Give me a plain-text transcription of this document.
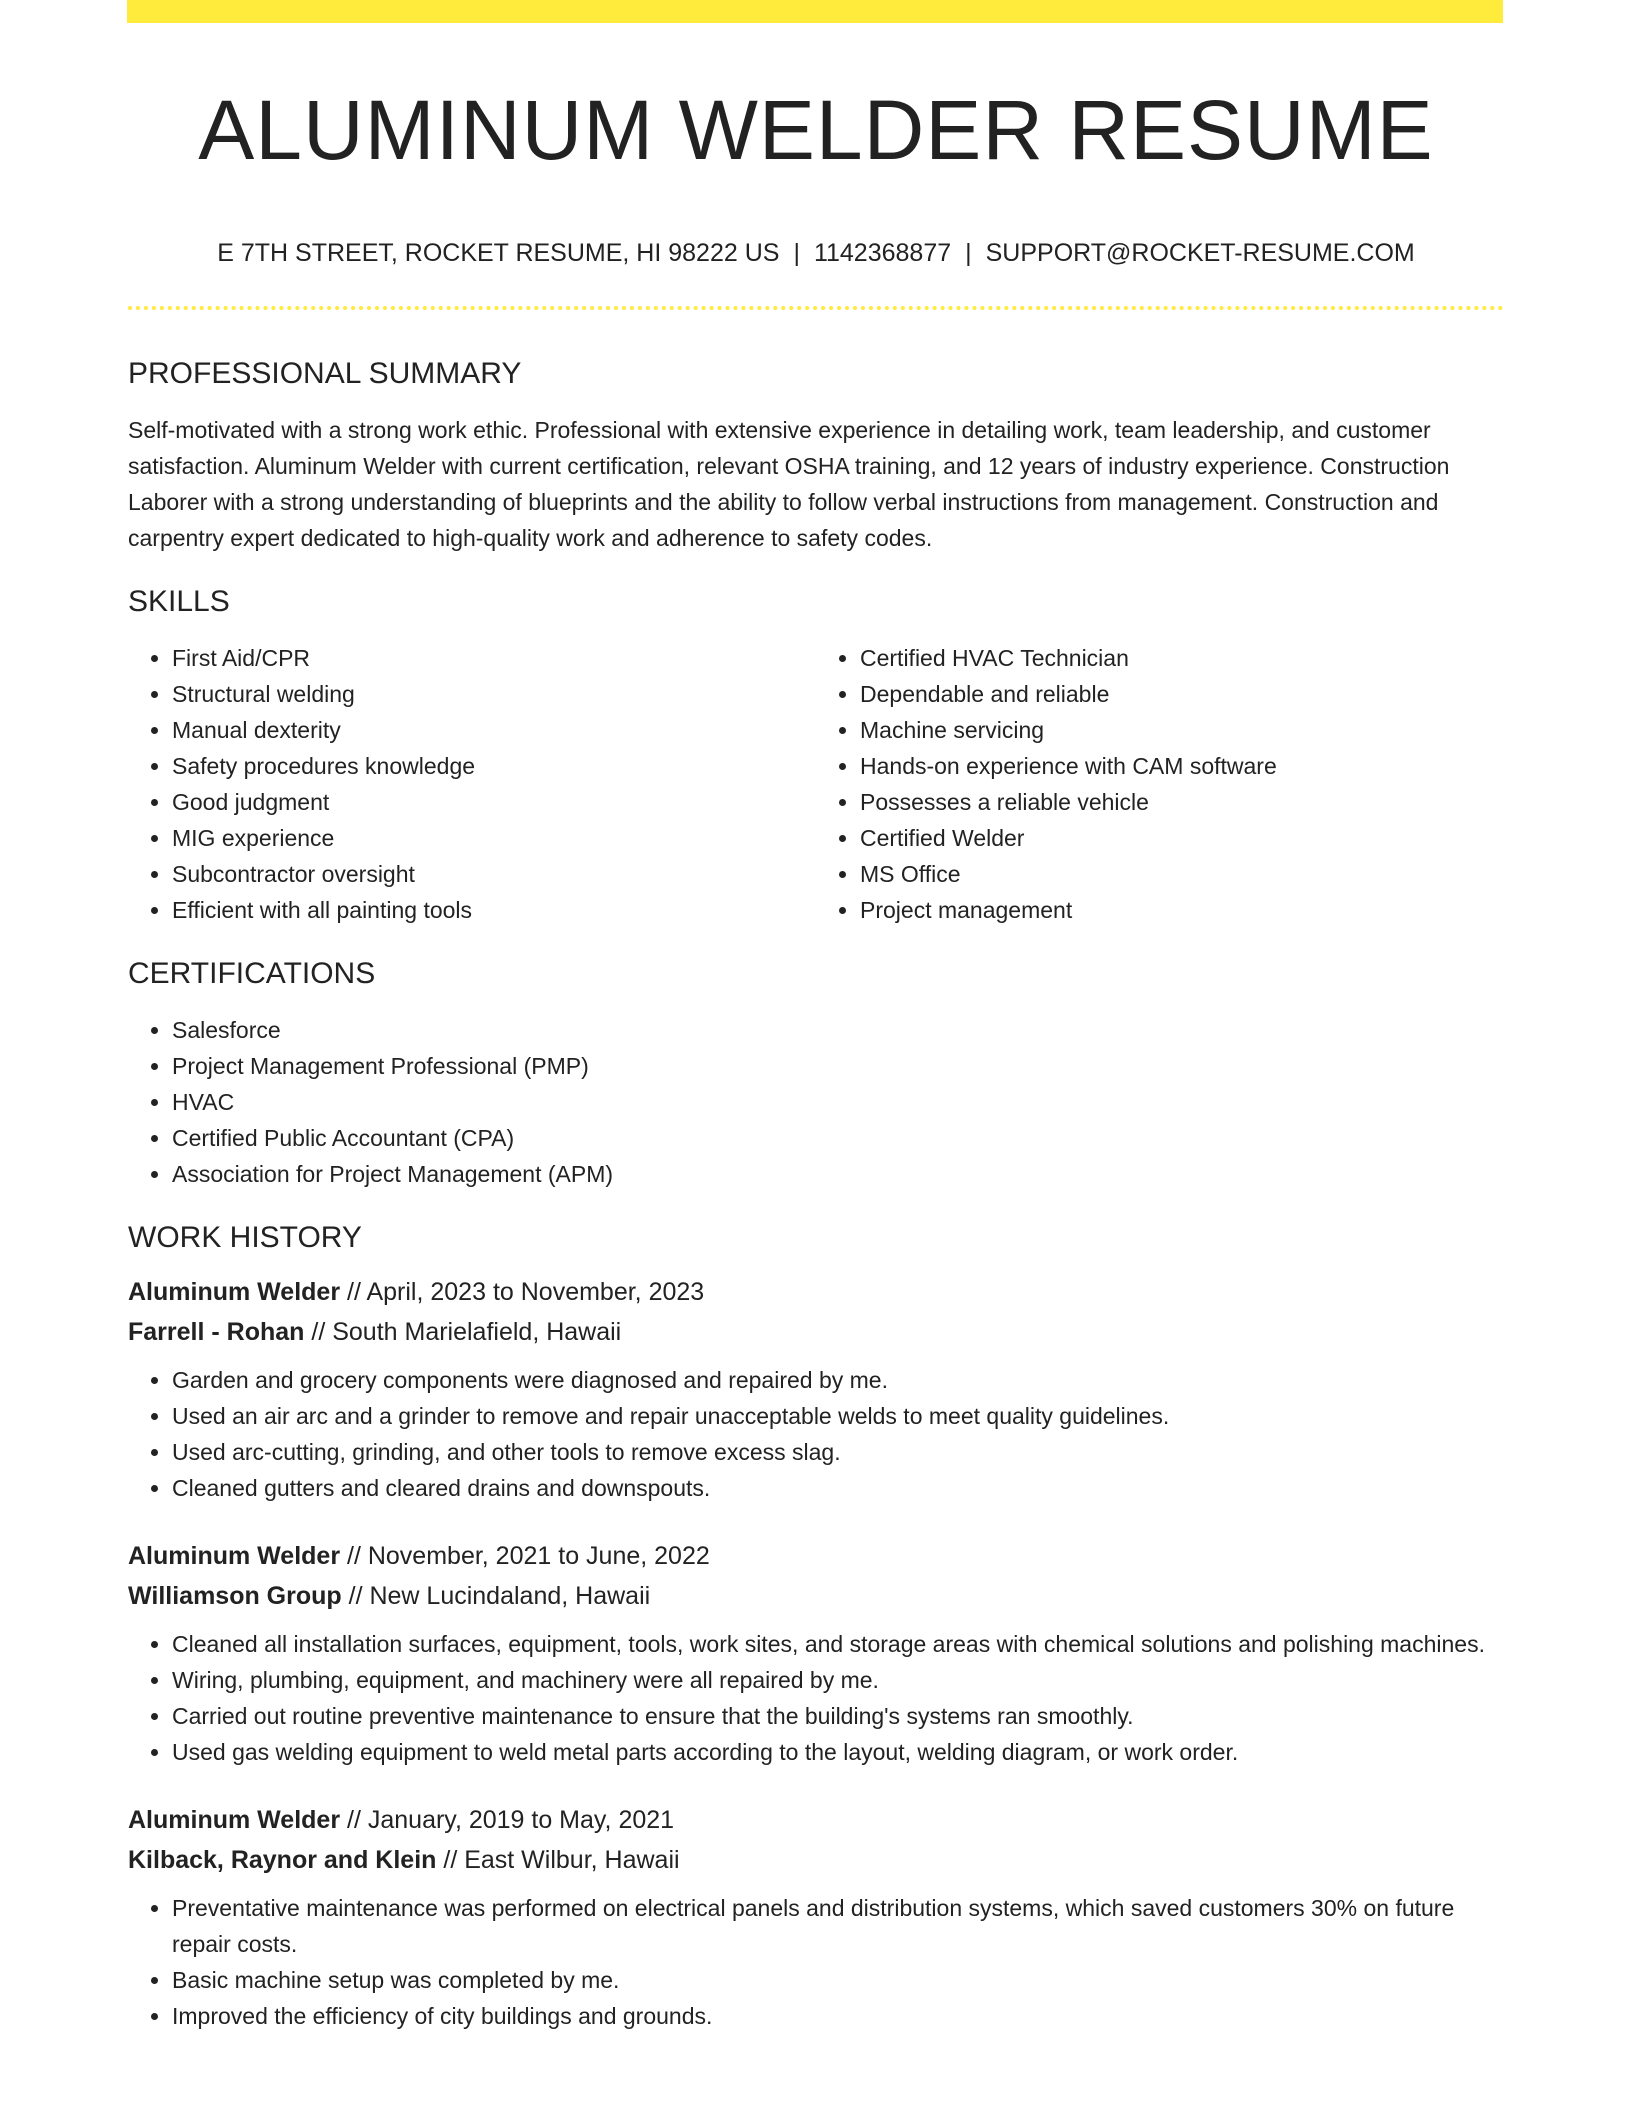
ALUMINUM WELDER RESUME
E 7TH STREET, ROCKET RESUME, HI 98222 US | 1142368877 | SUPPORT@ROCKET-RESUME.COM
PROFESSIONAL SUMMARY

Self-motivated with a strong work ethic. Professional with extensive experience in detailing work, team leadership, and customer satisfaction. Aluminum Welder with current certification, relevant OSHA training, and 12 years of industry experience. Construction Laborer with a strong understanding of blueprints and the ability to follow verbal instructions from management. Construction and carpentry expert dedicated to high-quality work and adherence to safety codes.

SKILLS
• First Aid/CPR
• Structural welding
• Manual dexterity
• Safety procedures knowledge
• Good judgment
• MIG experience
• Subcontractor oversight
• Efficient with all painting tools
• Certified HVAC Technician
• Dependable and reliable
• Machine servicing
• Hands-on experience with CAM software
• Possesses a reliable vehicle
• Certified Welder
• MS Office
• Project management
CERTIFICATIONS
• Salesforce
• Project Management Professional (PMP)
• HVAC
• Certified Public Accountant (CPA)
• Association for Project Management (APM)
WORK HISTORY
Aluminum Welder // April, 2023 to November, 2023
Farrell - Rohan // South Marielafield, Hawaii
• Garden and grocery components were diagnosed and repaired by me.
• Used an air arc and a grinder to remove and repair unacceptable welds to meet quality guidelines.
• Used arc-cutting, grinding, and other tools to remove excess slag.
• Cleaned gutters and cleared drains and downspouts.
Aluminum Welder // November, 2021 to June, 2022
Williamson Group // New Lucindaland, Hawaii
• Cleaned all installation surfaces, equipment, tools, work sites, and storage areas with chemical solutions and polishing machines.
• Wiring, plumbing, equipment, and machinery were all repaired by me.
• Carried out routine preventive maintenance to ensure that the building's systems ran smoothly.
• Used gas welding equipment to weld metal parts according to the layout, welding diagram, or work order.
Aluminum Welder // January, 2019 to May, 2021
Kilback, Raynor and Klein // East Wilbur, Hawaii
• Preventative maintenance was performed on electrical panels and distribution systems, which saved customers 30% on future repair costs.
• Basic machine setup was completed by me.
• Improved the efficiency of city buildings and grounds.
